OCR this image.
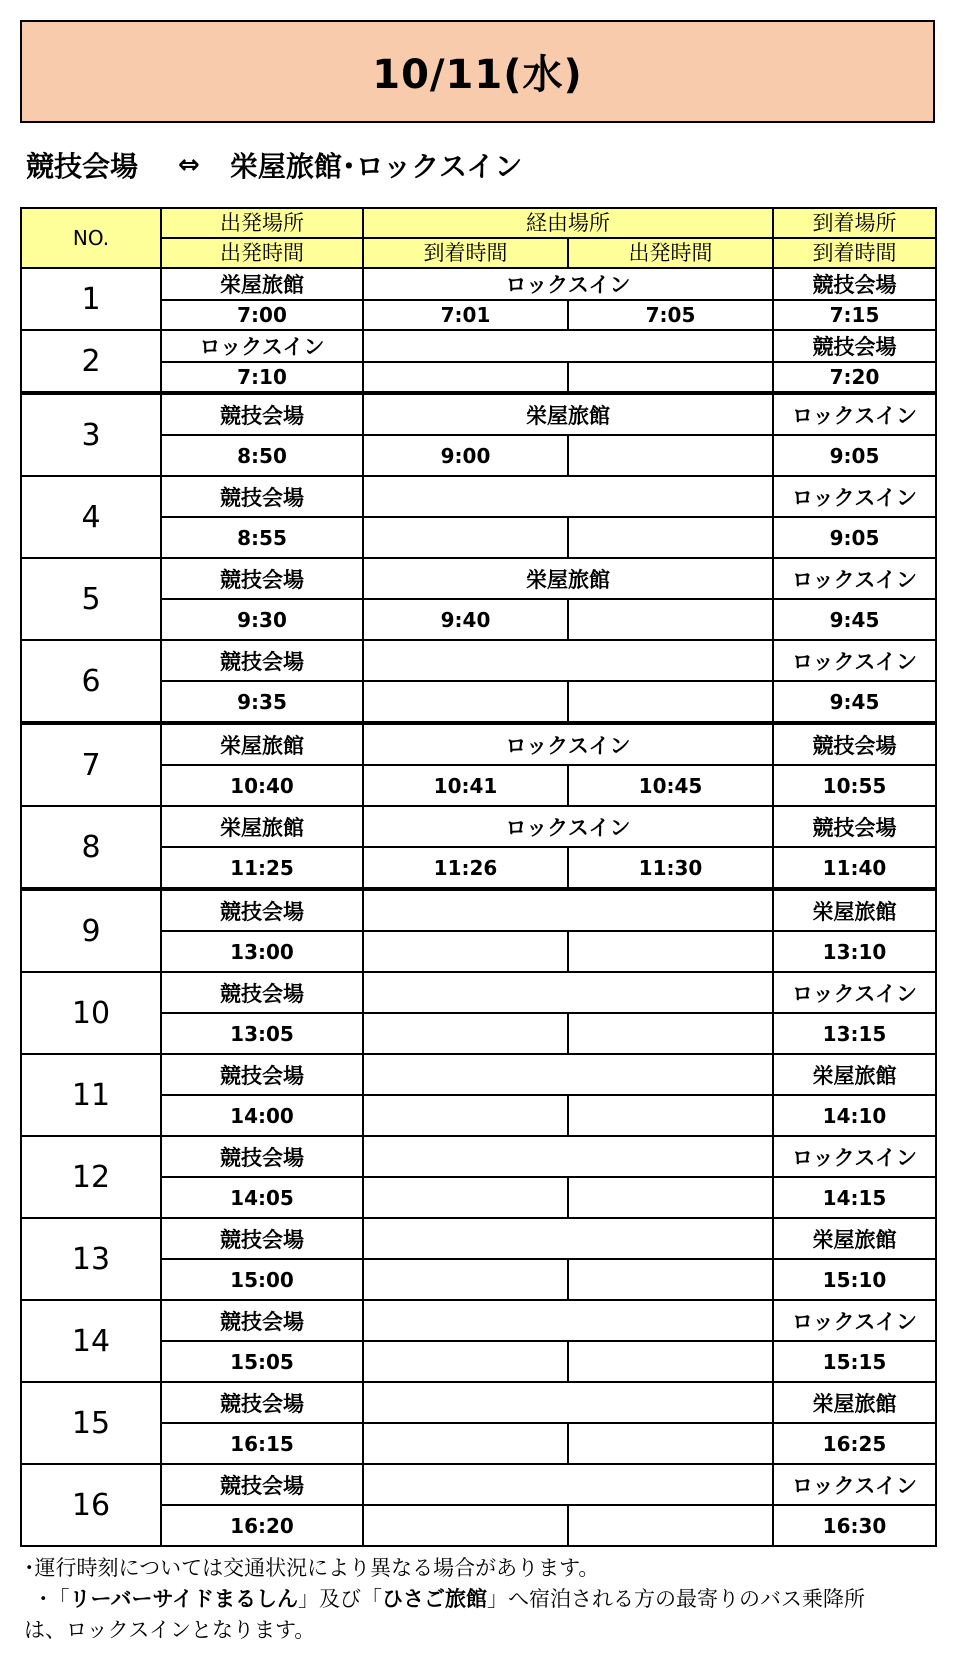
10/11(水)
競技会場 ⇔ 栄屋旅館･ロックスイン
NO.	出発場所	経由場所		到着場所
	出発時間	到着時間	出発時間	到着時間
1	栄屋旅館	ロックスイン		競技会場
	7:00	7:01	7:05	7:15
2	ロックスイン			競技会場
	7:10			7:20
3	競技会場	栄屋旅館		ロックスイン
	8:50	9:00		9:05
4	競技会場			ロックスイン
	8:55			9:05
5	競技会場	栄屋旅館		ロックスイン
	9:30	9:40		9:45
6	競技会場			ロックスイン
	9:35			9:45
7	栄屋旅館	ロックスイン		競技会場
	10:40	10:41	10:45	10:55
8	栄屋旅館	ロックスイン		競技会場
	11:25	11:26	11:30	11:40
9	競技会場			栄屋旅館
	13:00			13:10
10	競技会場			ロックスイン
	13:05			13:15
11	競技会場			栄屋旅館
	14:00			14:10
12	競技会場			ロックスイン
	14:05			14:15
13	競技会場			栄屋旅館
	15:00			15:10
14	競技会場			ロックスイン
	15:05			15:15
15	競技会場			栄屋旅館
	16:15			16:25
16	競技会場			ロックスイン
	16:20			16:30

･運行時刻については交通状況により異なる場合があります。

･「リーバーサイドまるしん」及び「ひさご旅館」へ宿泊される方の最寄りのバス乗降所

は、ロックスインとなります。
